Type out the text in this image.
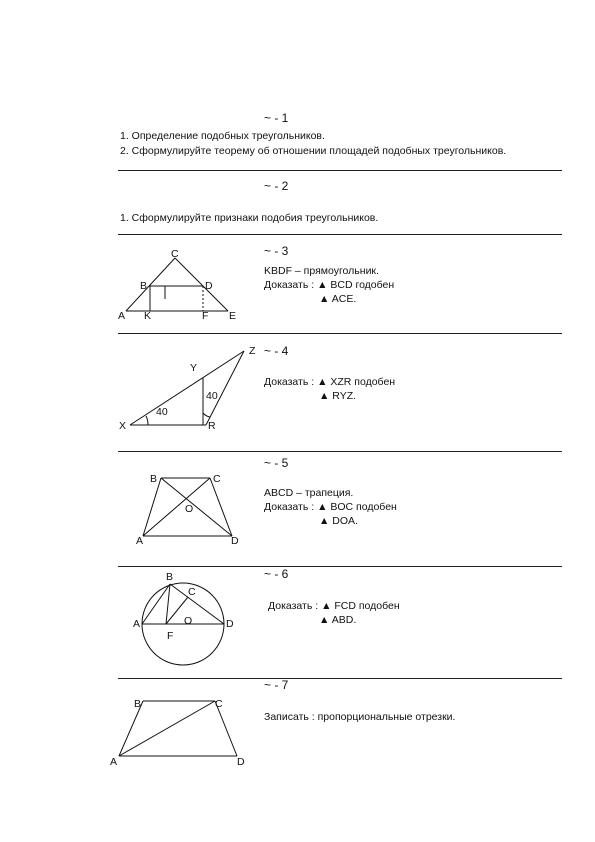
~ - 1
1. Определение подобных треугольников.
2. Сформулируйте теорему об отношении площадей подобных треугольников.
~ - 2
1. Сформулируйте признаки подобия треугольников.
C
B	D
A K	F E
~ - 3
KBDF – прямоугольник.
Доказать : ▲ BCD годобен
▲ ACE.
Z
Y
X	R
40
40
~ - 4
Доказать : ▲ XZR подобен
▲ RYZ.
B	C
O
A	D
~ - 5
ABCD – трапеция.
Доказать : ▲ BOC подобен
▲ DOA.
B
C
A	O	D
F
~ - 6
Доказать : ▲ FCD подобен
▲ ABD.
B	C
A	D
~ - 7
Записать : пропорциональные отрезки.
